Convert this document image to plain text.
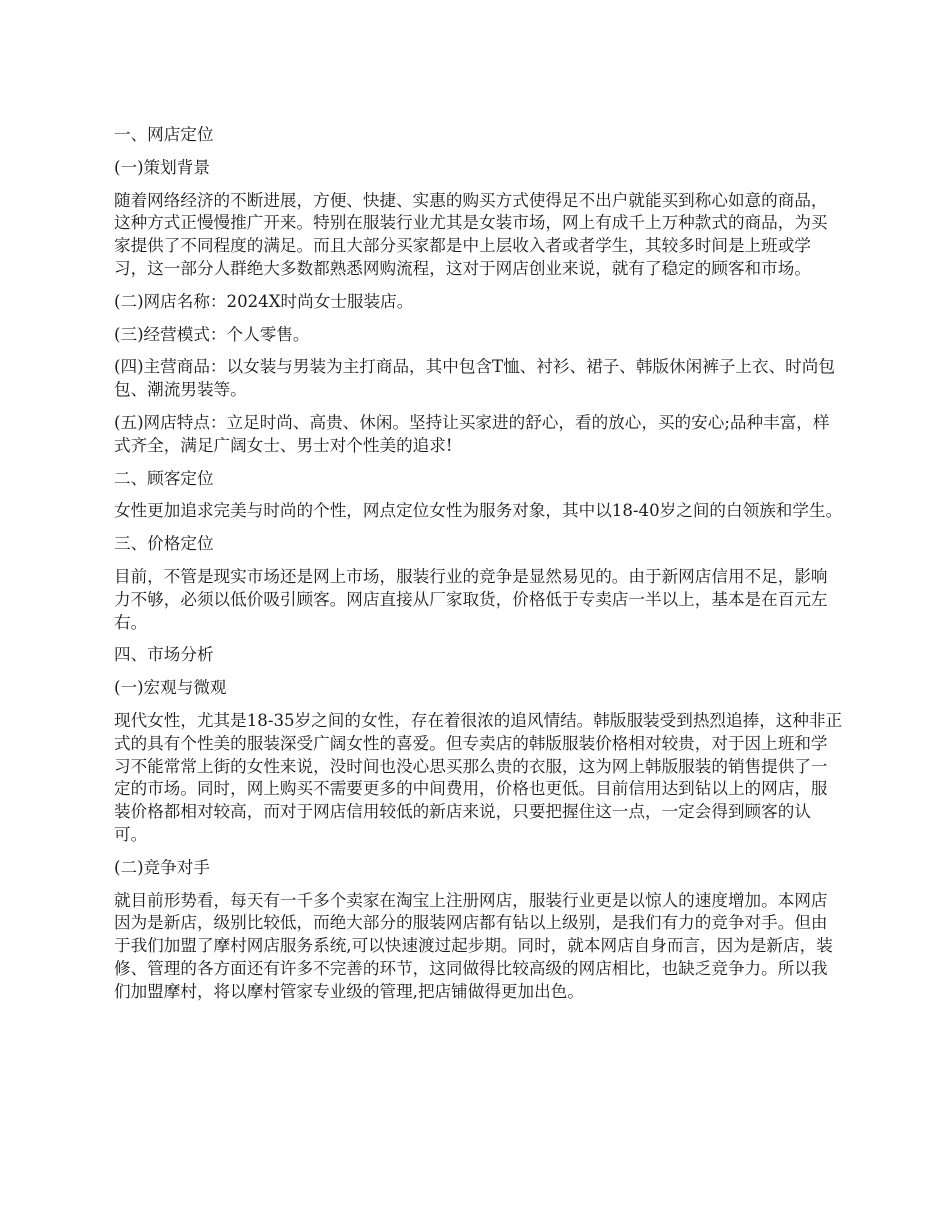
一、网店定位

(一)策划背景

随着网络经济的不断进展，方便、快捷、实惠的购买方式使得足不出户就能买到称心如意的商品，这种方式正慢慢推广开来。特别在服装行业尤其是女装市场，网上有成千上万种款式的商品，为买家提供了不同程度的满足。而且大部分买家都是中上层收入者或者学生，其较多时间是上班或学习，这一部分人群绝大多数都熟悉网购流程，这对于网店创业来说，就有了稳定的顾客和市场。

(二)网店名称：2024X时尚女士服装店。

(三)经营模式：个人零售。

(四)主营商品：以女装与男装为主打商品，其中包含T恤、衬衫、裙子、韩版休闲裤子上衣、时尚包包、潮流男装等。

(五)网店特点：立足时尚、高贵、休闲。坚持让买家进的舒心，看的放心，买的安心;品种丰富，样式齐全，满足广阔女士、男士对个性美的追求!

二、顾客定位

女性更加追求完美与时尚的个性，网点定位女性为服务对象，其中以18-40岁之间的白领族和学生。

三、价格定位

目前，不管是现实市场还是网上市场，服装行业的竞争是显然易见的。由于新网店信用不足，影响力不够，必须以低价吸引顾客。网店直接从厂家取货，价格低于专卖店一半以上，基本是在百元左右。

四、市场分析

(一)宏观与微观

现代女性，尤其是18-35岁之间的女性，存在着很浓的追风情结。韩版服装受到热烈追捧，这种非正式的具有个性美的服装深受广阔女性的喜爱。但专卖店的韩版服装价格相对较贵，对于因上班和学习不能常常上街的女性来说，没时间也没心思买那么贵的衣服，这为网上韩版服装的销售提供了一定的市场。同时，网上购买不需要更多的中间费用，价格也更低。目前信用达到钻以上的网店，服装价格都相对较高，而对于网店信用较低的新店来说，只要把握住这一点，一定会得到顾客的认可。

(二)竞争对手

就目前形势看，每天有一千多个卖家在淘宝上注册网店，服装行业更是以惊人的速度增加。本网店因为是新店，级别比较低，而绝大部分的服装网店都有钻以上级别，是我们有力的竞争对手。但由于我们加盟了摩村网店服务系统,可以快速渡过起步期。同时，就本网店自身而言，因为是新店，装修、管理的各方面还有许多不完善的环节，这同做得比较高级的网店相比，也缺乏竞争力。所以我们加盟摩村，将以摩村管家专业级的管理,把店铺做得更加出色。
